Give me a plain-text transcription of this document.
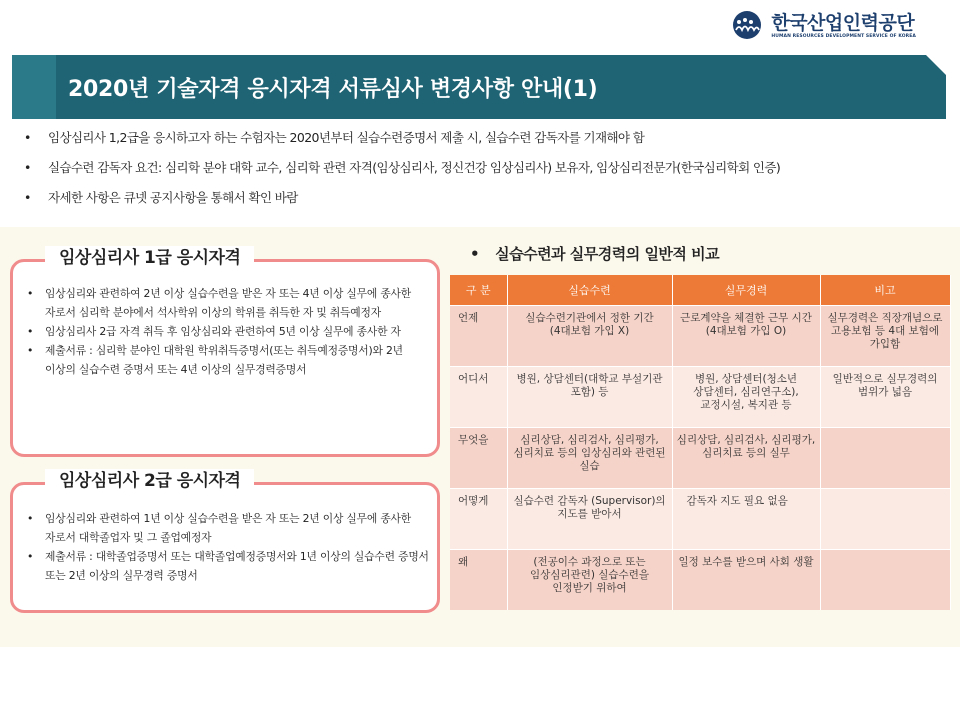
한국산업인력공단
HUMAN RESOURCES DEVELOPMENT SERVICE OF KOREA
2020년 기술자격 응시자격 서류심사 변경사항 안내(1)
• 임상심리사 1,2급을 응시하고자 하는 수험자는 2020년부터 실습수련증명서 제출 시, 실습수련 감독자를 기재해야 함
• 실습수련 감독자 요건: 심리학 분야 대학 교수, 심리학 관련 자격(임상심리사, 정신건강 임상심리사) 보유자, 임상심리전문가(한국심리학회 인증)
• 자세한 사항은 큐넷 공지사항을 통해서 확인 바람
임상심리사 1급 응시자격
• 임상심리와 관련하여 2년 이상 실습수련을 받은 자 또는 4년 이상 실무에 종사한 자로서 심리학 분야에서 석사학위 이상의 학위를 취득한 자 및 취득예정자
• 임상심리사 2급 자격 취득 후 임상심리와 관련하여 5년 이상 실무에 종사한 자
• 제출서류 : 심리학 분야인 대학원 학위취득증명서(또는 취득예정증명서)와 2년 이상의 실습수련 증명서 또는 4년 이상의 실무경력증명서
임상심리사 2급 응시자격
• 임상심리와 관련하여 1년 이상 실습수련을 받은 자 또는 2년 이상 실무에 종사한 자로서 대학졸업자 및 그 졸업예정자
• 제출서류 : 대학졸업증명서 또는 대학졸업예정증명서와 1년 이상의 실습수련 증명서 또는 2년 이상의 실무경력 증명서
• 실습수련과 실무경력의 일반적 비교
구 분	실습수련	실무경력	비고
언제	실습수련기관에서 정한 기간(4대보험 가입 X)	근로계약을 체결한 근무 시간 (4대보험 가입 O)	실무경력은 직장개념으로 고용보험 등 4대 보험에 가입함
어디서	병원, 상담센터(대학교 부설기관 포함) 등	병원, 상담센터(청소년 상담센터, 심리연구소), 교정시설, 복지관 등	일반적으로 실무경력의 범위가 넓음
무엇을	심리상담, 심리검사, 심리평가, 심리치료 등의 임상심리와 관련된 실습	심리상담, 심리검사, 심리평가, 심리치료 등의 실무	
어떻게	실습수련 감독자 (Supervisor)의 지도를 받아서	감독자 지도 필요 없음	
왜	(전공이수 과정으로 또는 임상심리관련) 실습수련을 인정받기 위하여	일정 보수를 받으며 사회 생활	
